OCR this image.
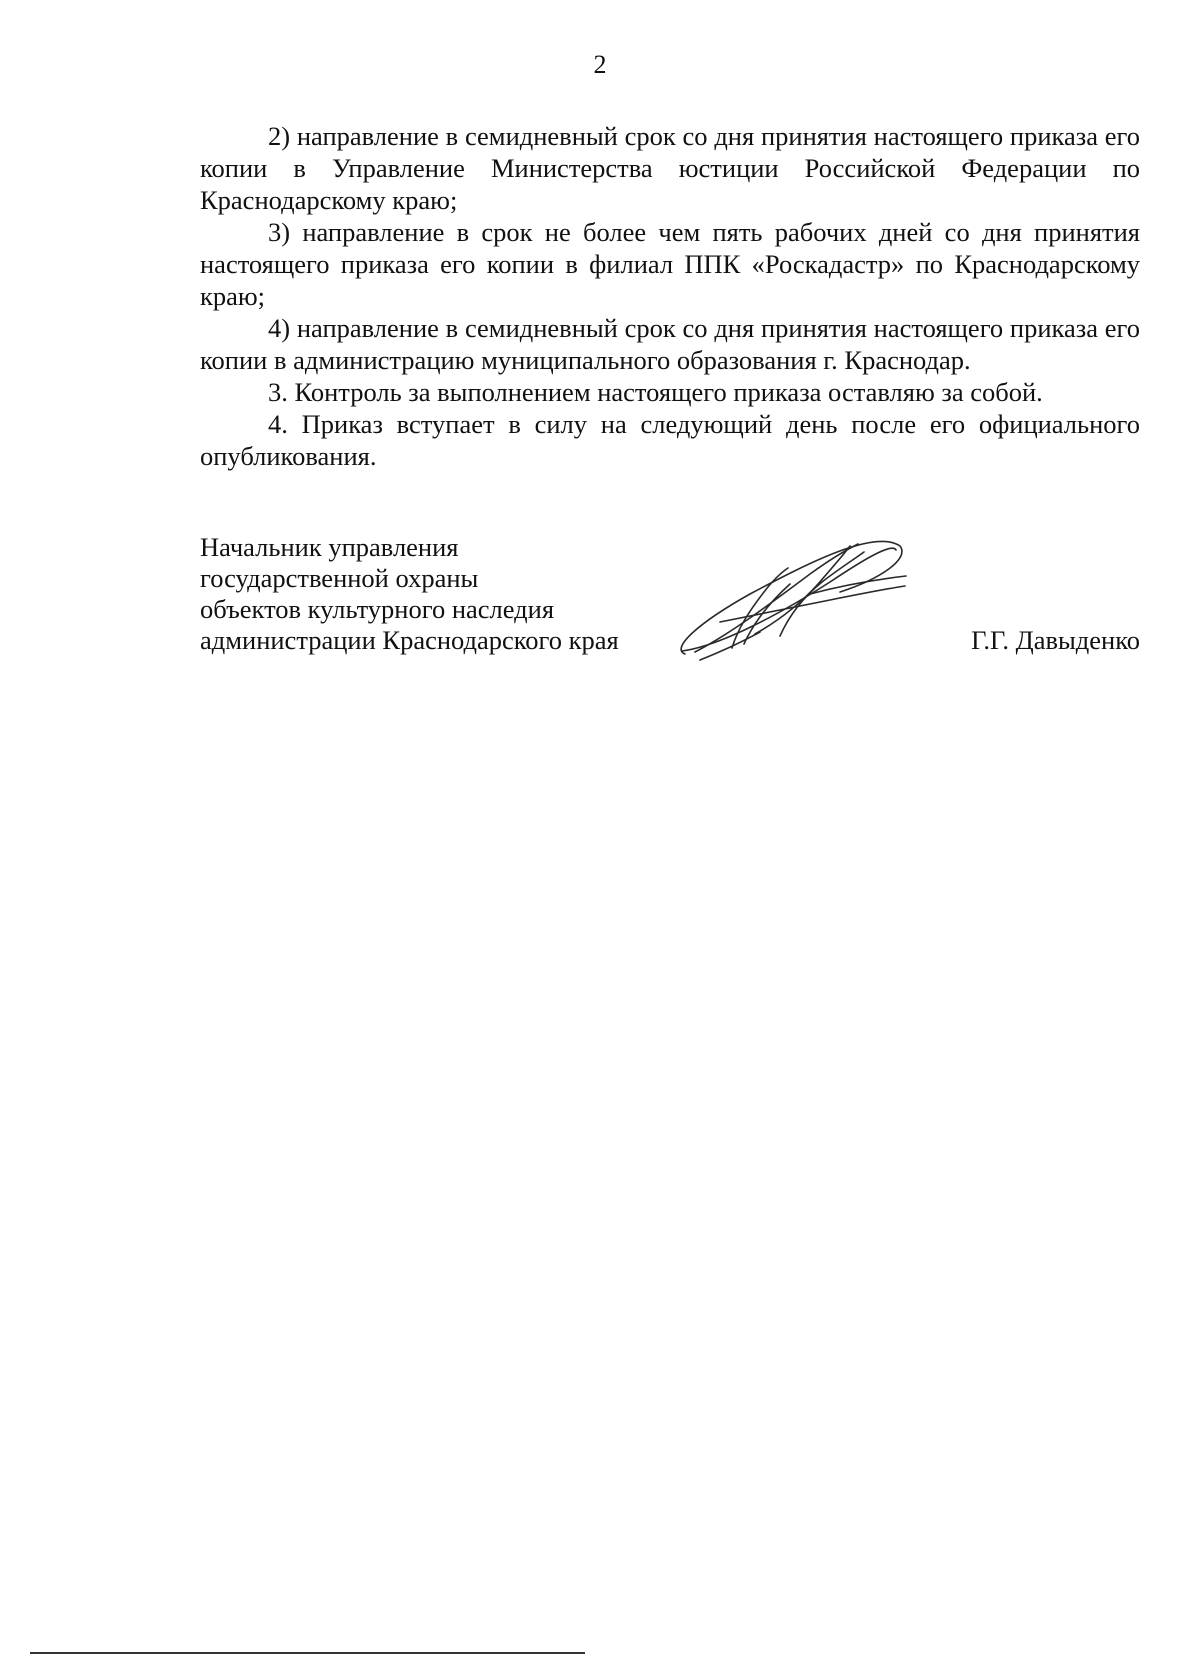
2

2) направление в семидневный срок со дня принятия настоящего приказа его копии в Управление Министерства юстиции Российской Федерации по Краснодарскому краю;

3) направление в срок не более чем пять рабочих дней со дня принятия настоящего приказа его копии в филиал ППК «Роскадастр» по Краснодарскому краю;

4) направление в семидневный срок со дня принятия настоящего приказа его копии в администрацию муниципального образования г. Краснодар.

3. Контроль за выполнением настоящего приказа оставляю за собой.

4. Приказ вступает в силу на следующий день после его официального опубликования.

Начальник управления
государственной охраны
объектов культурного наследия
администрации Краснодарского края	Г.Г. Давыденко
